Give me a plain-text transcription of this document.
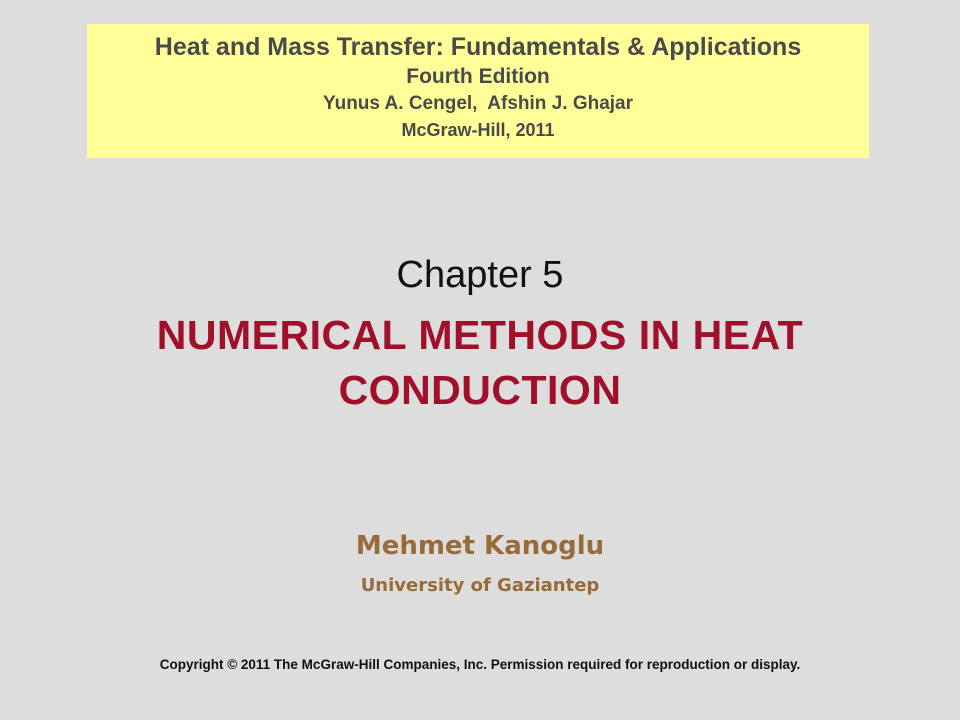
Heat and Mass Transfer: Fundamentals & Applications
Fourth Edition
Yunus A. Cengel,  Afshin J. Ghajar
McGraw-Hill, 2011
Chapter 5
NUMERICAL METHODS IN HEAT
CONDUCTION
Mehmet Kanoglu
University of Gaziantep
Copyright © 2011 The McGraw-Hill Companies, Inc. Permission required for reproduction or display.
